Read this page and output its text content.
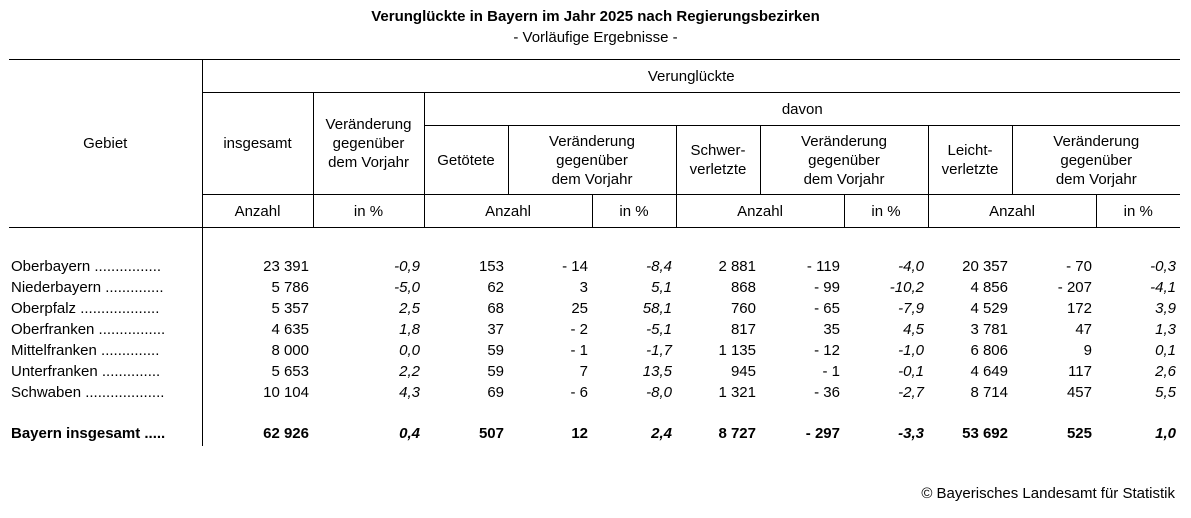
Verunglückte in Bayern im Jahr 2025 nach Regierungsbezirken
- Vorläufige Ergebnisse -
Gebiet	Verunglückte										
	insgesamt	Veränderung
gegenüber
dem Vorjahr	davon								
			Getötete	Veränderung
gegenüber
dem Vorjahr		Schwer-
verletzte	Veränderung
gegenüber
dem Vorjahr		Leicht-
verletzte	Veränderung
gegenüber
dem Vorjahr	
	Anzahl	in %	Anzahl		in %	Anzahl		in %	Anzahl		in %

Oberbayern ................	23 391	-0,9	153	- 14	-8,4	2 881	- 119	-4,0	20 357	- 70	-0,3
Niederbayern ..............	5 786	-5,0	62	3	5,1	868	- 99	-10,2	4 856	- 207	-4,1
Oberpfalz ...................	5 357	2,5	68	25	58,1	760	- 65	-7,9	4 529	172	3,9
Oberfranken ................	4 635	1,8	37	- 2	-5,1	817	35	4,5	3 781	47	1,3
Mittelfranken ..............	8 000	0,0	59	- 1	-1,7	1 135	- 12	-1,0	6 806	9	0,1
Unterfranken ..............	5 653	2,2	59	7	13,5	945	- 1	-0,1	4 649	117	2,6
Schwaben ...................	10 104	4,3	69	- 6	-8,0	1 321	- 36	-2,7	8 714	457	5,5

Bayern insgesamt .....	62 926	0,4	507	12	2,4	8 727	- 297	-3,3	53 692	525	1,0
© Bayerisches Landesamt für Statistik
